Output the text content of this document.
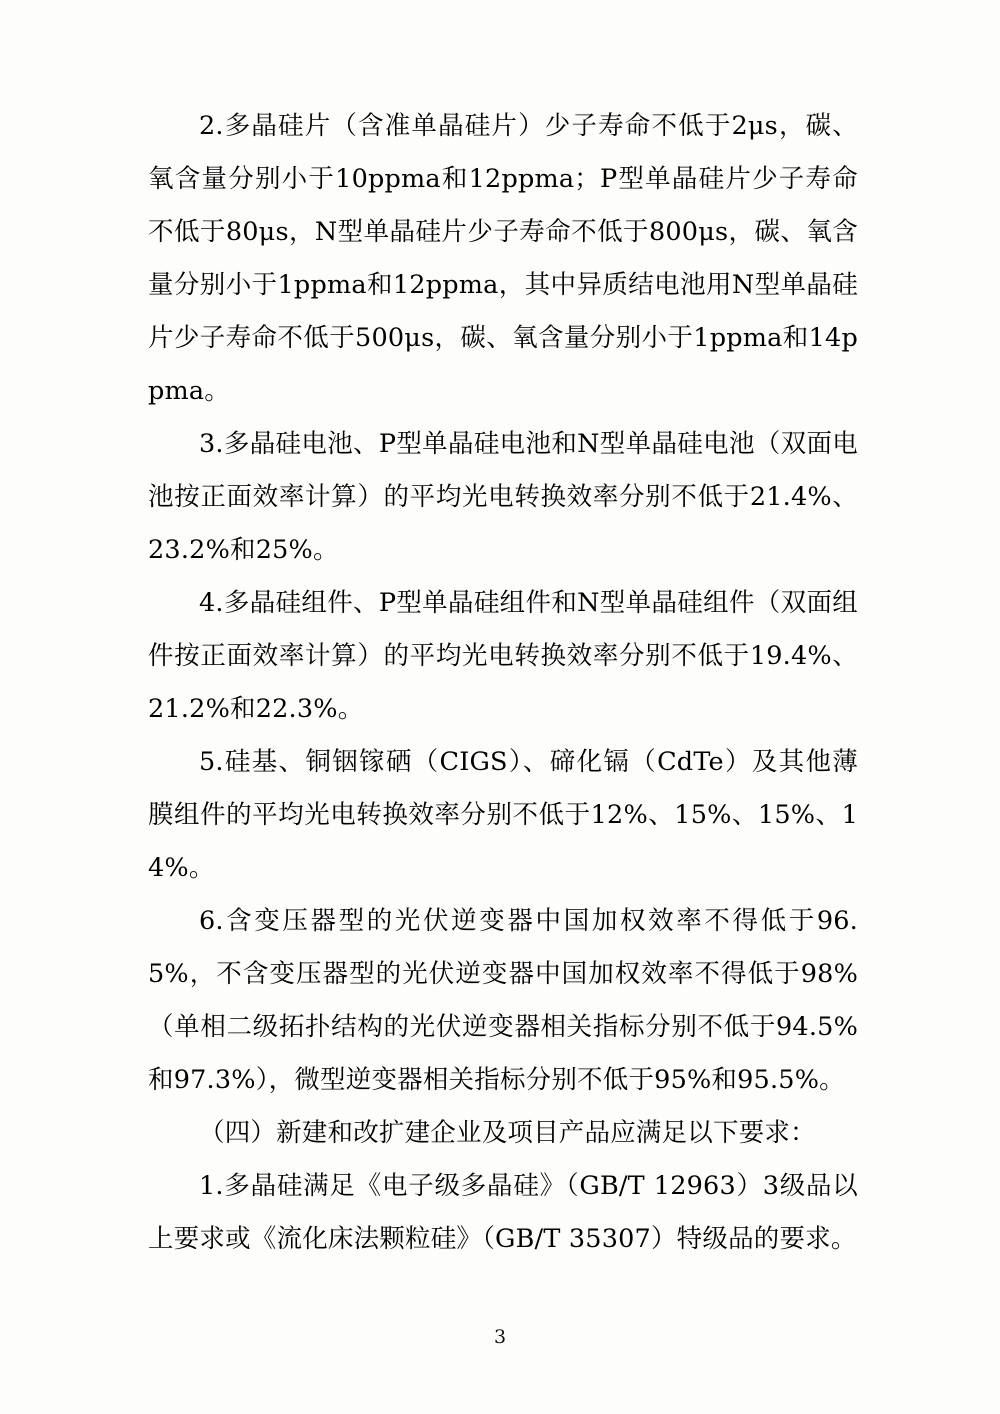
2.多晶硅片（含准单晶硅片）少子寿命不低于2μs，碳、氧含量分别小于10ppma和12ppma；P型单晶硅片少子寿命不低于80μs，N型单晶硅片少子寿命不低于800μs，碳、氧含量分别小于1ppma和12ppma，其中异质结电池用N型单晶硅片少子寿命不低于500μs，碳、氧含量分别小于1ppma和14ppma。

3.多晶硅电池、P型单晶硅电池和N型单晶硅电池（双面电池按正面效率计算）的平均光电转换效率分别不低于21.4%、23.2%和25%。

4.多晶硅组件、P型单晶硅组件和N型单晶硅组件（双面组件按正面效率计算）的平均光电转换效率分别不低于19.4%、21.2%和22.3%。

5.硅基、铜铟镓硒（CIGS）、碲化镉（CdTe）及其他薄膜组件的平均光电转换效率分别不低于12%、15%、15%、14%。

6.含变压器型的光伏逆变器中国加权效率不得低于96.5%，不含变压器型的光伏逆变器中国加权效率不得低于98%（单相二级拓扑结构的光伏逆变器相关指标分别不低于94.5%和97.3%），微型逆变器相关指标分别不低于95%和95.5%。

（四）新建和改扩建企业及项目产品应满足以下要求：

1.多晶硅满足《电子级多晶硅》（GB/T 12963）3级品以上要求或《流化床法颗粒硅》（GB/T 35307）特级品的要求。

3
